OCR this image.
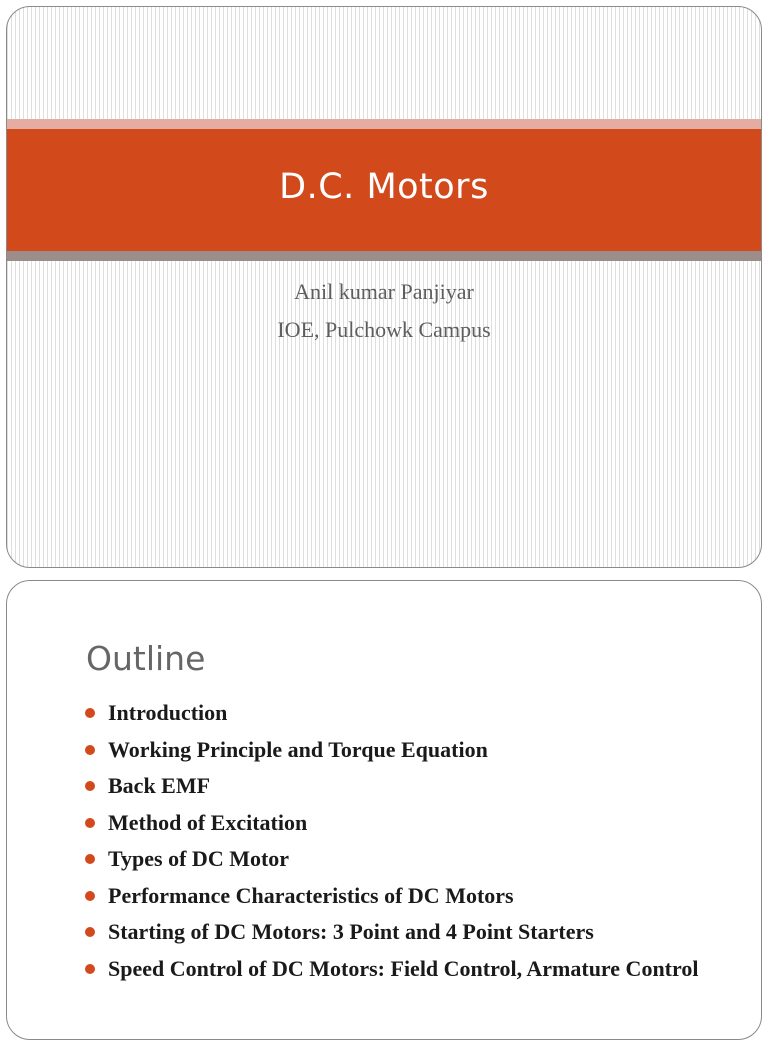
D.C. Motors
Anil kumar Panjiyar
IOE, Pulchowk Campus
Outline
Introduction
Working Principle and Torque Equation
Back EMF
Method of Excitation
Types of DC Motor
Performance Characteristics of DC Motors
Starting of DC Motors: 3 Point and 4 Point Starters
Speed Control of DC Motors: Field Control, Armature Control
